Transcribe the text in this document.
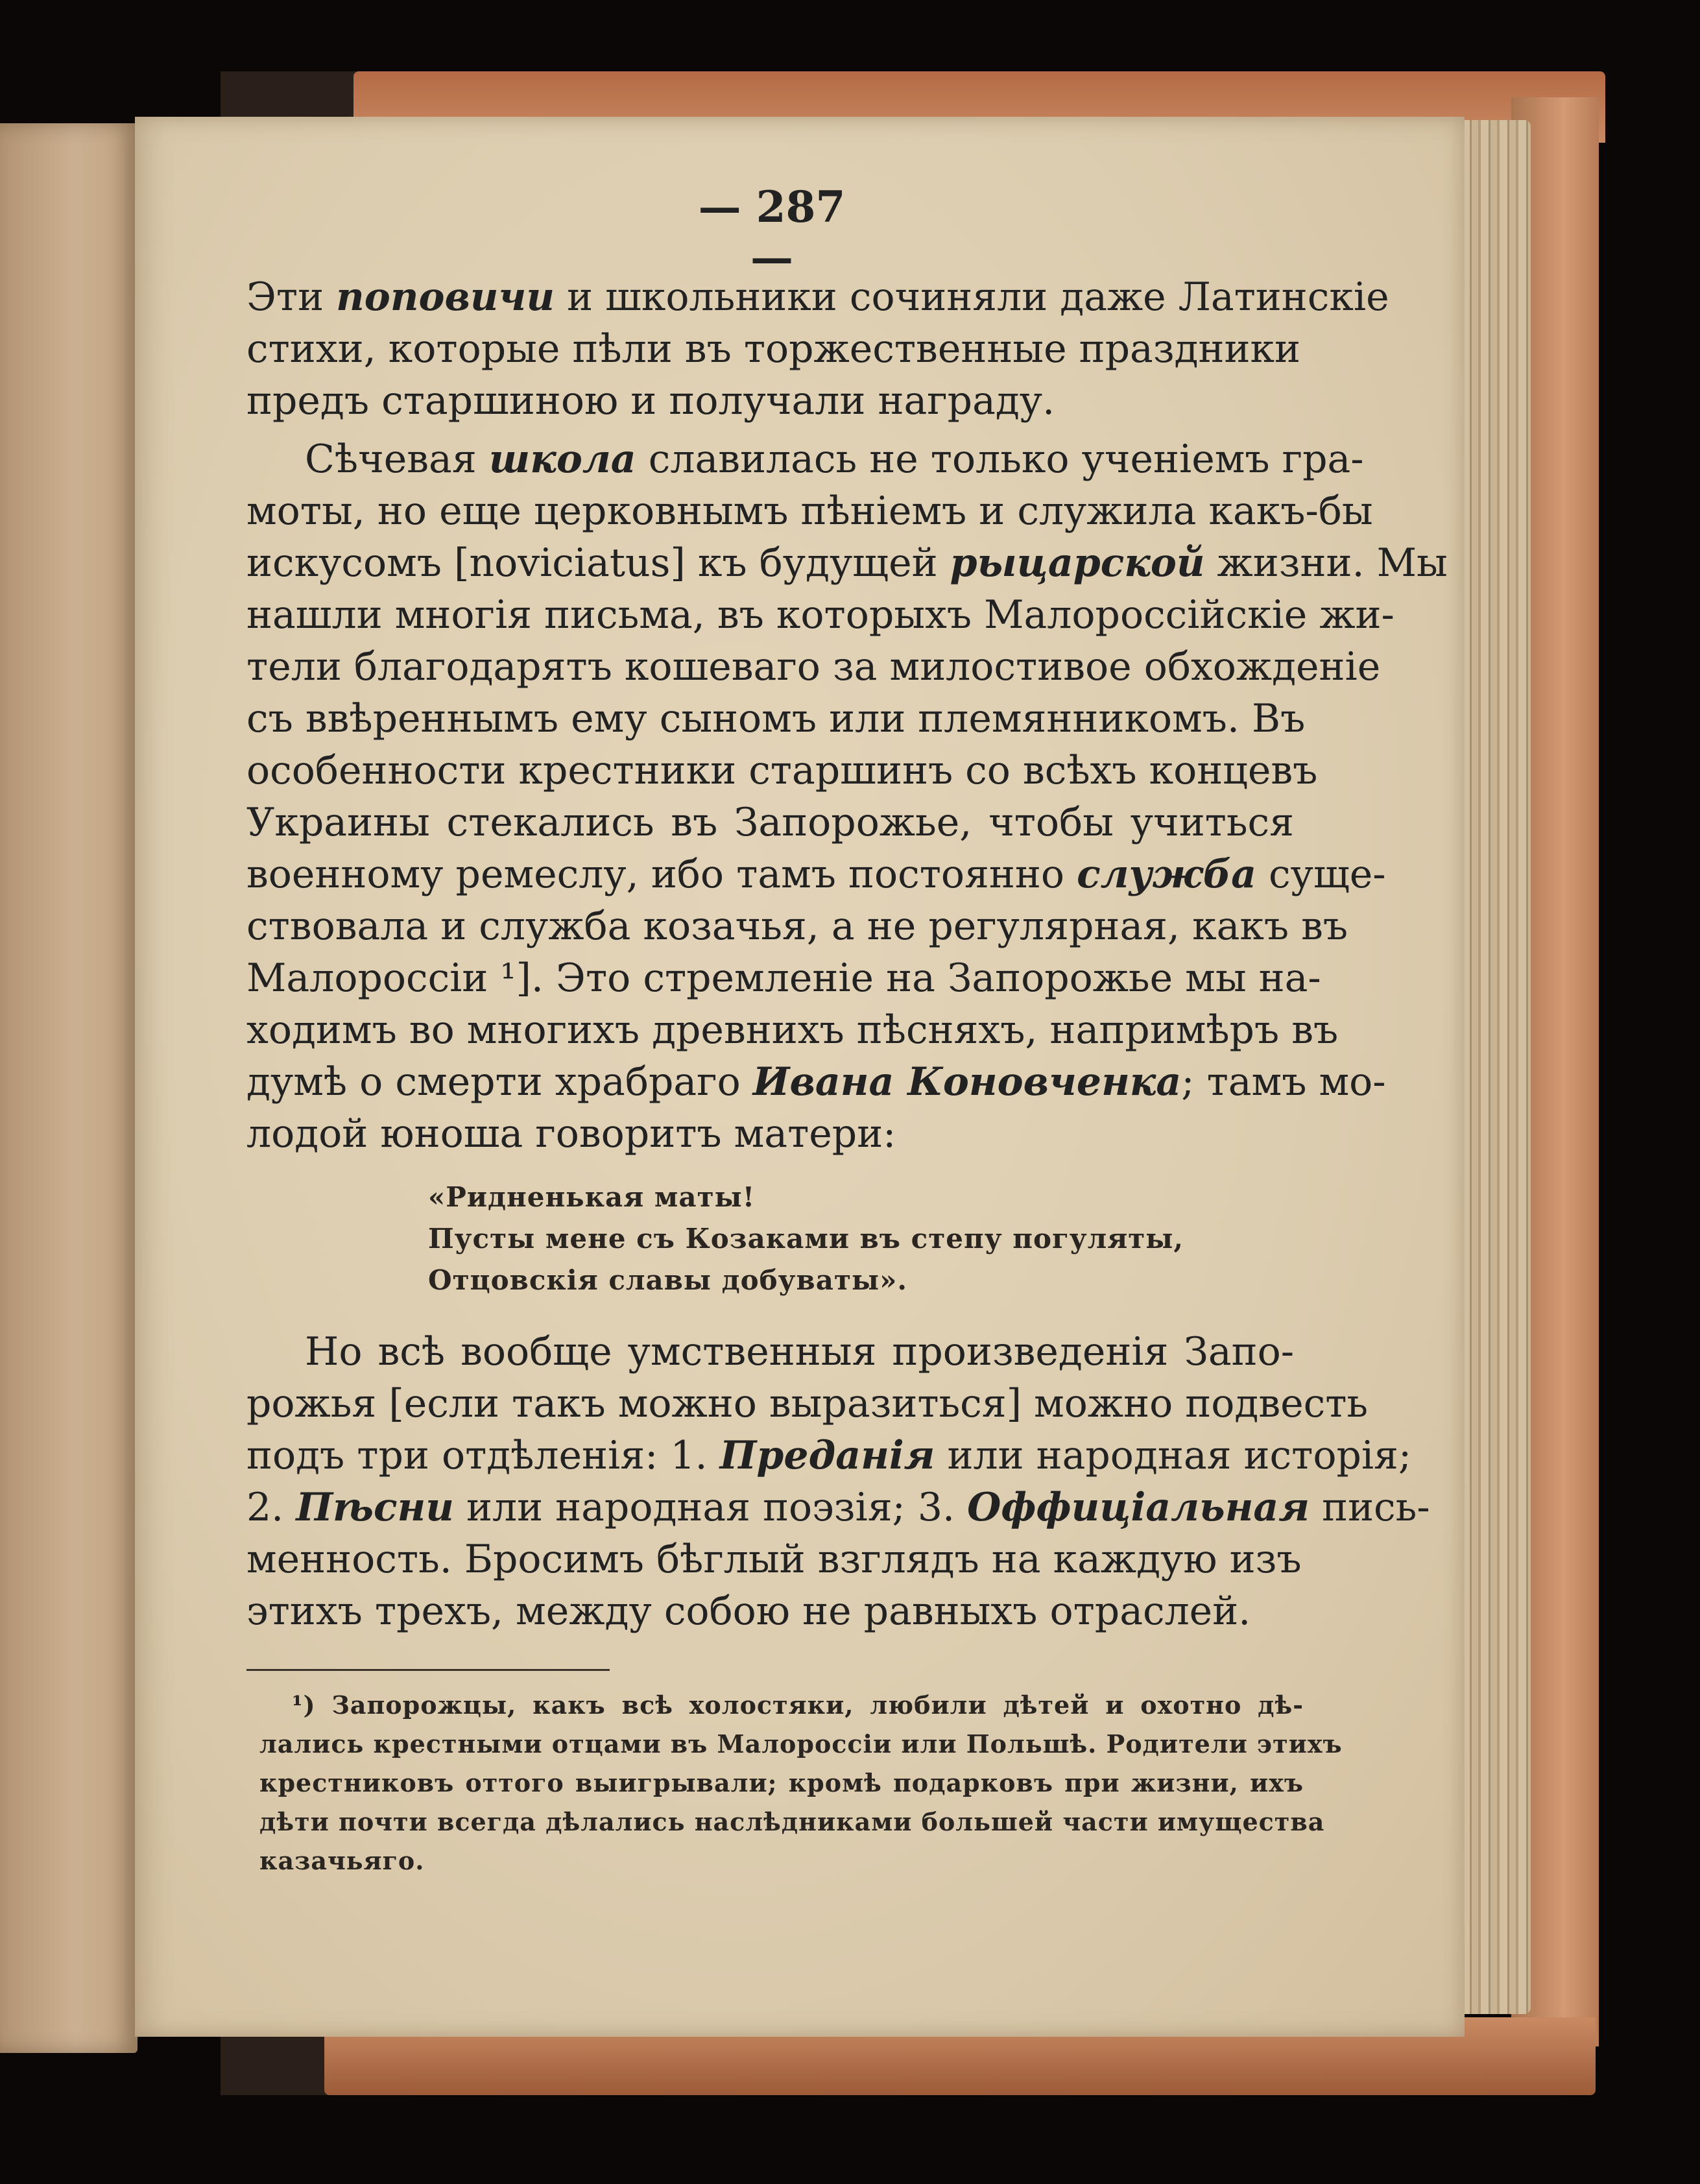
— 287 —
Эти поповичи и школьники сочиняли даже Латинскіе
стихи, которые пѣли въ торжественные праздники
предъ старшиною и получали награду.
Сѣчевая школа славилась не только ученіемъ гра-
моты, но еще церковнымъ пѣніемъ и служила какъ-бы
искусомъ [noviciatus] къ будущей рыцарской жизни. Мы
нашли многія письма, въ которыхъ Малороссійскіе жи-
тели благодарятъ кошеваго за милостивое обхожденіе
съ ввѣреннымъ ему сыномъ или племянникомъ. Въ
особенности крестники старшинъ со всѣхъ концевъ
Украины стекались въ Запорожье, чтобы учиться
военному ремеслу, ибо тамъ постоянно служба суще-
ствовала и служба козачья, а не регулярная, какъ въ
Малороссіи ¹]. Это стремленіе на Запорожье мы на-
ходимъ во многихъ древнихъ пѣсняхъ, напримѣръ въ
думѣ о смерти храбраго Ивана Коновченка; тамъ мо-
лодой юноша говоритъ матери:
«Ридненькая маты!
Пусты мене съ Козаками въ степу погуляты,
Отцовскія славы добуваты».
Но всѣ вообще умственныя произведенія Запо-
рожья [если такъ можно выразиться] можно подвесть
подъ три отдѣленія: 1. Преданія или народная исторія;
2. Пѣсни или народная поэзія; 3. Оффиціальная пись-
менность. Бросимъ бѣглый взглядъ на каждую изъ
этихъ трехъ, между собою не равныхъ отраслей.
¹) Запорожцы, какъ всѣ холостяки, любили дѣтей и охотно дѣ-
лались крестными отцами въ Малороссіи или Польшѣ. Родители этихъ
крестниковъ оттого выигрывали; кромѣ подарковъ при жизни, ихъ
дѣти почти всегда дѣлались наслѣдниками большей части имущества
казачьяго.
